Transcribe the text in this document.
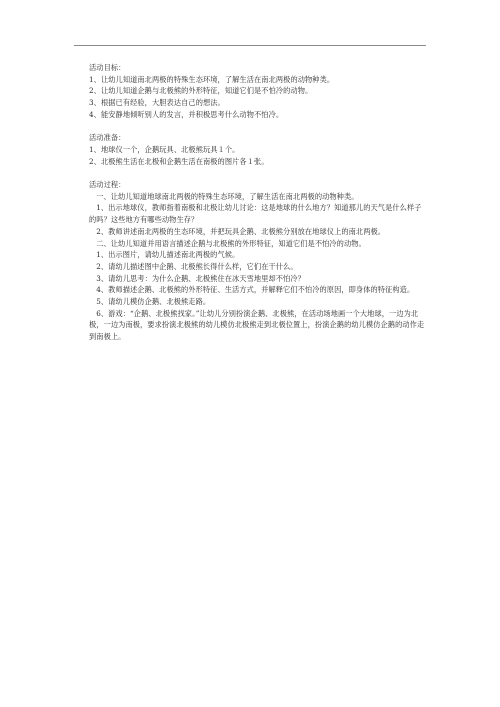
活动目标：

1、让幼儿知道南北两极的特殊生态环境，了解生活在南北两极的动物种类。

2、让幼儿知道企鹅与北极熊的外形特征，知道它们是不怕冷的动物。

3、根据已有经验，大胆表达自己的想法。

4、能安静地倾听别人的发言，并积极思考什么动物不怕冷。

活动准备：

1、地球仪一个，企鹅玩具、北极熊玩具１个。

2、北极熊生活在北极和企鹅生活在南极的图片各１张。

活动过程：

一、让幼儿知道地球南北两极的特殊生态环境，了解生活在南北两极的动物种类。

1、出示地球仪，教师指着南极和北极让幼儿讨论：这是地球的什么地方？知道那儿的天气是什么样子的吗？这些地方有哪些动物生存？

2、教师讲述南北两极的生态环境，并把玩具企鹅、北极熊分别放在地球仪上的南北两极。

二、让幼儿知道并用语言描述企鹅与北极熊的外形特征，知道它们是不怕冷的动物。

1、出示图片，请幼儿描述南北两极的气候。

2、请幼儿描述图中企鹅、北极熊长得什么样，它们在干什么。

3、请幼儿思考：为什么企鹅、北极熊住在冰天雪地里却不怕冷？

4、教师描述企鹅、北极熊的外形特征、生活方式，并解释它们不怕冷的原因，即身体的特征构造。

5、请幼儿模仿企鹅、北极熊走路。

6、游戏：“企鹅、北极熊找家。”让幼儿分别扮演企鹅、北极熊，在活动场地画一个大地球，一边为北极，一边为南极，要求扮演北极熊的幼儿模仿北极熊走到北极位置上，扮演企鹅的幼儿模仿企鹅的动作走到南极上。
